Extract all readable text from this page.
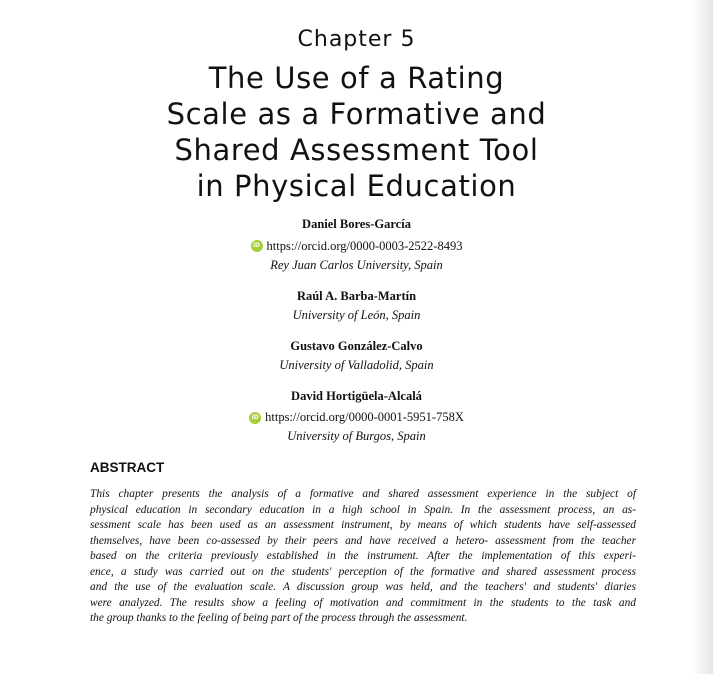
Chapter 5
The Use of a Rating
Scale as a Formative and
Shared Assessment Tool
in Physical Education
Daniel Bores-García
iD https://orcid.org/0000-0003-2522-8493
Rey Juan Carlos University, Spain
Raúl A. Barba-Martín
University of León, Spain
Gustavo González-Calvo
University of Valladolid, Spain
David Hortigüela-Alcalá
iD https://orcid.org/0000-0001-5951-758X
University of Burgos, Spain
ABSTRACT
This chapter presents the analysis of a formative and shared assessment experience in the subject of
physical education in secondary education in a high school in Spain. In the assessment process, an as-
sessment scale has been used as an assessment instrument, by means of which students have self-assessed
themselves, have been co-assessed by their peers and have received a hetero- assessment from the teacher
based on the criteria previously established in the instrument. After the implementation of this experi-
ence, a study was carried out on the students' perception of the formative and shared assessment process
and the use of the evaluation scale. A discussion group was held, and the teachers' and students' diaries
were analyzed. The results show a feeling of motivation and commitment in the students to the task and
the group thanks to the feeling of being part of the process through the assessment.
